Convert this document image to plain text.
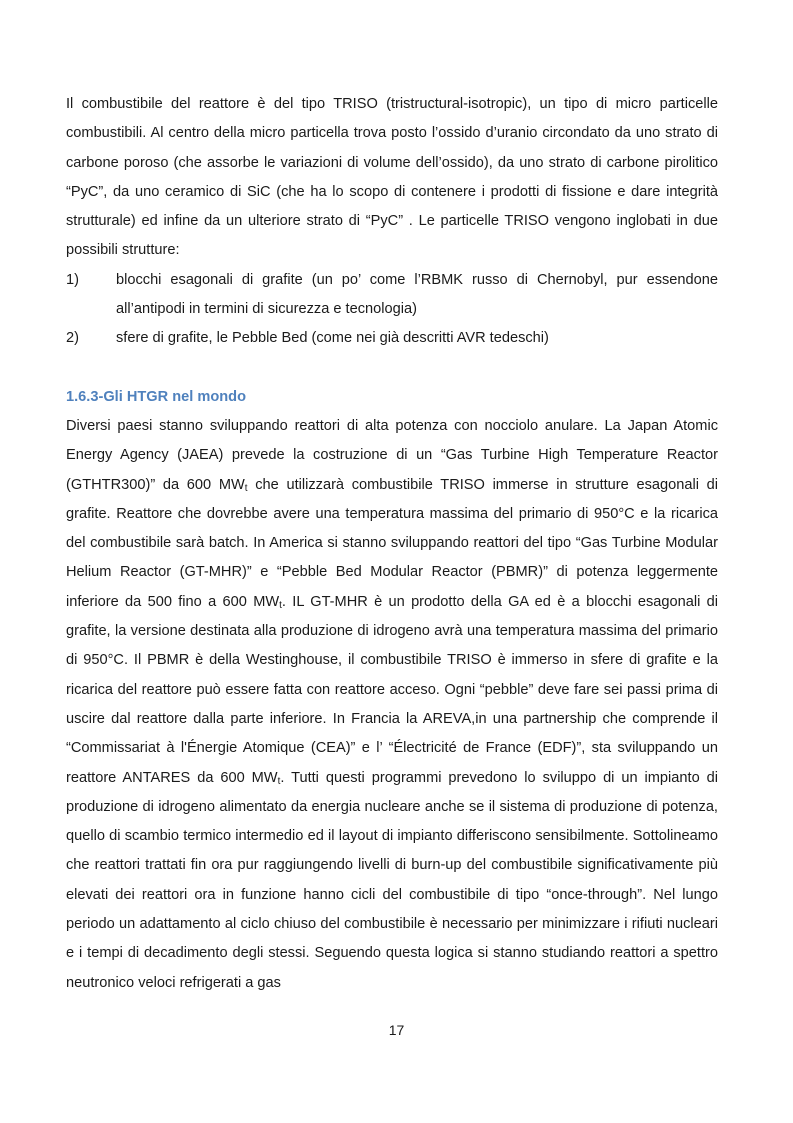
Il combustibile del reattore è del tipo TRISO (tristructural-isotropic), un tipo di micro particelle combustibili. Al centro della micro particella trova posto l’ossido d’uranio circondato da uno strato di carbone poroso (che assorbe le variazioni di volume dell’ossido), da uno strato di carbone pirolitico “PyC”, da uno ceramico di SiC (che ha lo scopo di contenere i prodotti di fissione e dare integrità strutturale) ed infine da un ulteriore strato di “PyC” . Le particelle TRISO vengono inglobati in due possibili strutture:

1)	blocchi esagonali di grafite (un po’ come l’RBMK russo di Chernobyl, pur essendone all’antipodi in termini di sicurezza e tecnologia)
2)	sfere di grafite, le Pebble Bed (come nei già descritti AVR tedeschi)
1.6.3-Gli HTGR nel mondo

Diversi paesi stanno sviluppando reattori di alta potenza con nocciolo anulare. La Japan Atomic Energy Agency (JAEA) prevede la costruzione di un “Gas Turbine High Temperature Reactor (GTHTR300)” da 600 $MW_t$ che utilizzarà combustibile TRISO immerse in strutture esagonali di grafite. Reattore che dovrebbe avere una temperatura massima del primario di 950°C e la ricarica del combustibile sarà batch. In America si stanno sviluppando reattori del tipo “Gas Turbine Modular Helium Reactor (GT-MHR)” e “Pebble Bed Modular Reactor (PBMR)” di potenza leggermente inferiore da 500 fino a 600 $MW_t$. IL GT-MHR è un prodotto della GA ed è a blocchi esagonali di grafite, la versione destinata alla produzione di idrogeno avrà una temperatura massima del primario di 950°C. Il PBMR è della Westinghouse, il combustibile TRISO è immerso in sfere di grafite e la ricarica del reattore può essere fatta con reattore acceso. Ogni “pebble” deve fare sei passi prima di uscire dal reattore dalla parte inferiore. In Francia la AREVA,in una partnership che comprende il “Commissariat à l'Énergie Atomique (CEA)” e l’ “Électricité de France (EDF)”, sta sviluppando un reattore ANTARES da 600 $MW_t$. Tutti questi programmi prevedono lo sviluppo di un impianto di produzione di idrogeno alimentato da energia nucleare anche se il sistema di produzione di potenza, quello di scambio termico intermedio ed il layout di impianto differiscono sensibilmente. Sottolineamo che reattori trattati fin ora pur raggiungendo livelli di burn-up del combustibile significativamente più elevati dei reattori ora in funzione hanno cicli del combustibile di tipo “once-through”. Nel lungo periodo un adattamento al ciclo chiuso del combustibile è necessario per minimizzare i rifiuti nucleari e i tempi di decadimento degli stessi. Seguendo questa logica si stanno studiando reattori a spettro neutronico veloci refrigerati a gas

17
